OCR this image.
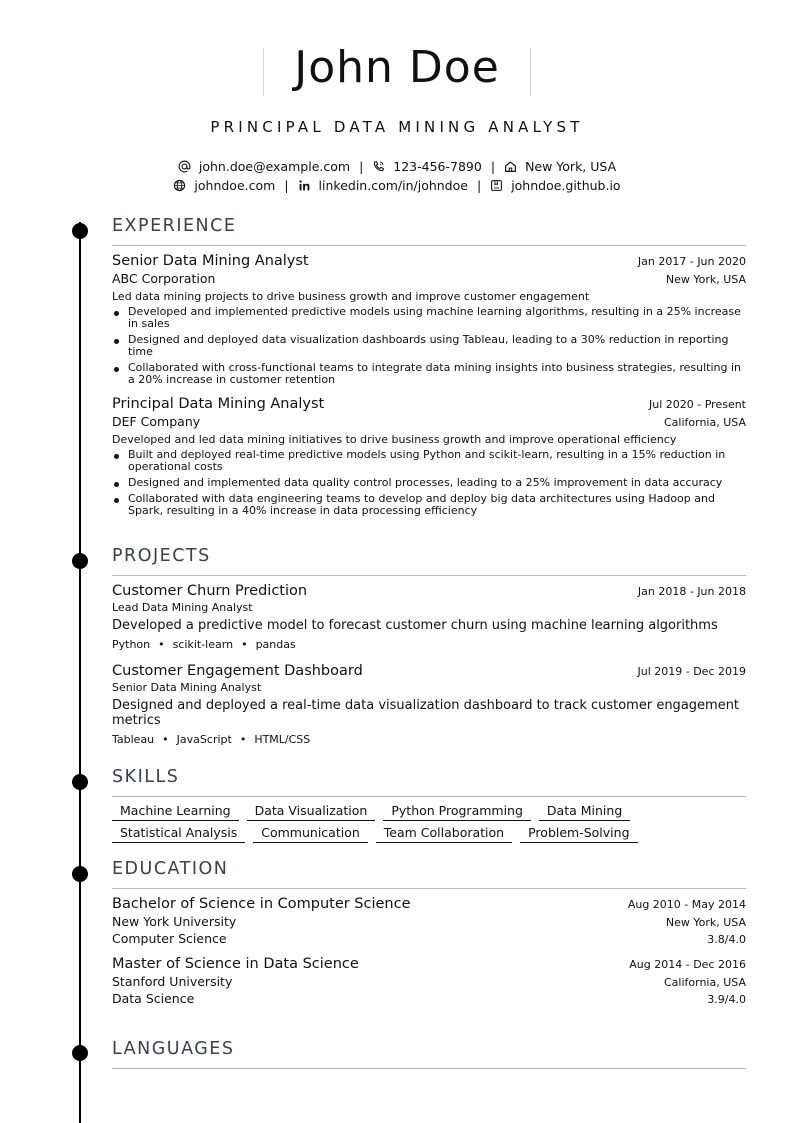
John Doe
PRINCIPAL DATA MINING ANALYST
john.doe@example.com | 123-456-7890 | New York, USA
johndoe.com | linkedin.com/in/johndoe | johndoe.github.io
EXPERIENCE
Senior Data Mining Analyst	Jan 2017 - Jun 2020
ABC Corporation	New York, USA
Led data mining projects to drive business growth and improve customer engagement
Developed and implemented predictive models using machine learning algorithms, resulting in a 25% increase in sales
Designed and deployed data visualization dashboards using Tableau, leading to a 30% reduction in reporting time
Collaborated with cross-functional teams to integrate data mining insights into business strategies, resulting in a 20% increase in customer retention
Principal Data Mining Analyst	Jul 2020 - Present
DEF Company	California, USA
Developed and led data mining initiatives to drive business growth and improve operational efficiency
Built and deployed real-time predictive models using Python and scikit-learn, resulting in a 15% reduction in operational costs
Designed and implemented data quality control processes, leading to a 25% improvement in data accuracy
Collaborated with data engineering teams to develop and deploy big data architectures using Hadoop and Spark, resulting in a 40% increase in data processing efficiency
PROJECTS
Customer Churn Prediction	Jan 2018 - Jun 2018
Lead Data Mining Analyst
Developed a predictive model to forecast customer churn using machine learning algorithms
Python • scikit-learn • pandas
Customer Engagement Dashboard	Jul 2019 - Dec 2019
Senior Data Mining Analyst
Designed and deployed a real-time data visualization dashboard to track customer engagement metrics
Tableau • JavaScript • HTML/CSS
SKILLS
Machine Learning	Data Visualization	Python Programming	Data Mining
Statistical Analysis	Communication	Team Collaboration	Problem-Solving
EDUCATION
Bachelor of Science in Computer Science	Aug 2010 - May 2014
New York University	New York, USA
Computer Science	3.8/4.0
Master of Science in Data Science	Aug 2014 - Dec 2016
Stanford University	California, USA
Data Science	3.9/4.0
LANGUAGES
